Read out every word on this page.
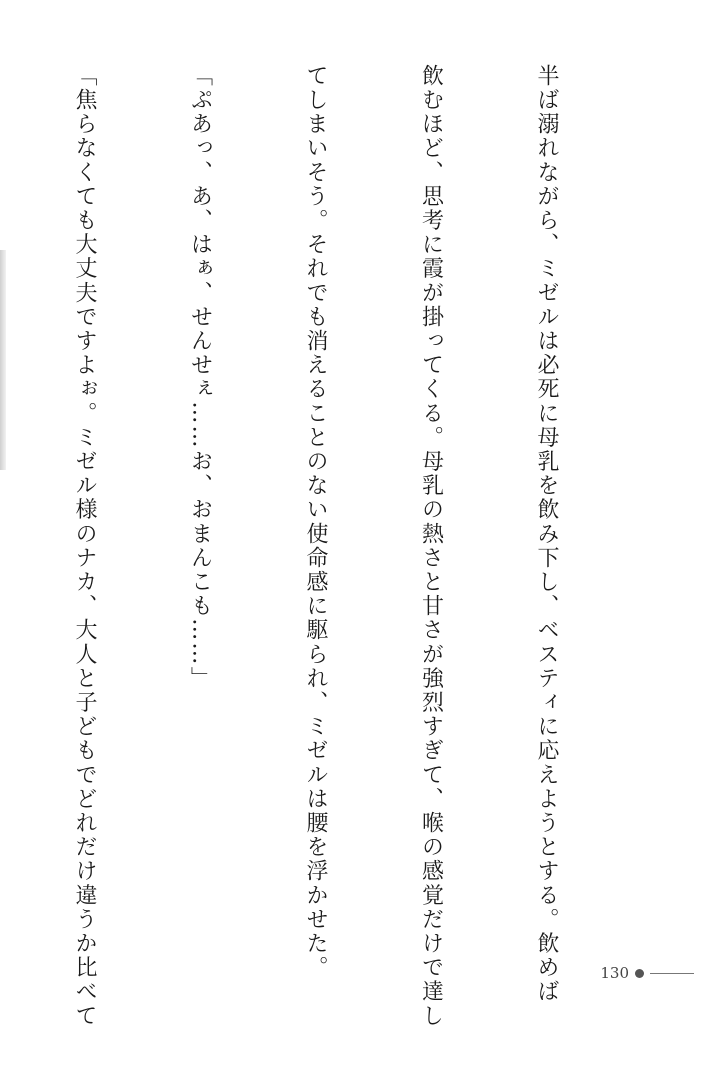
半ば溺れながら、ミゼルは必死に母乳を飲み下し、ベスティに応えようとする。飲めば

飲むほど、思考に霞が掛ってくる。母乳の熱さと甘さが強烈すぎて、喉の感覚だけで達し

てしまいそう。それでも消えることのない使命感に駆られ、ミゼルは腰を浮かせた。

「ぷあっ、あ、はぁ、せんせぇ……お、おまんこも……」

「焦らなくても大丈夫ですよぉ。ミゼル様のナカ、大人と子どもでどれだけ違うか比べて

	130
